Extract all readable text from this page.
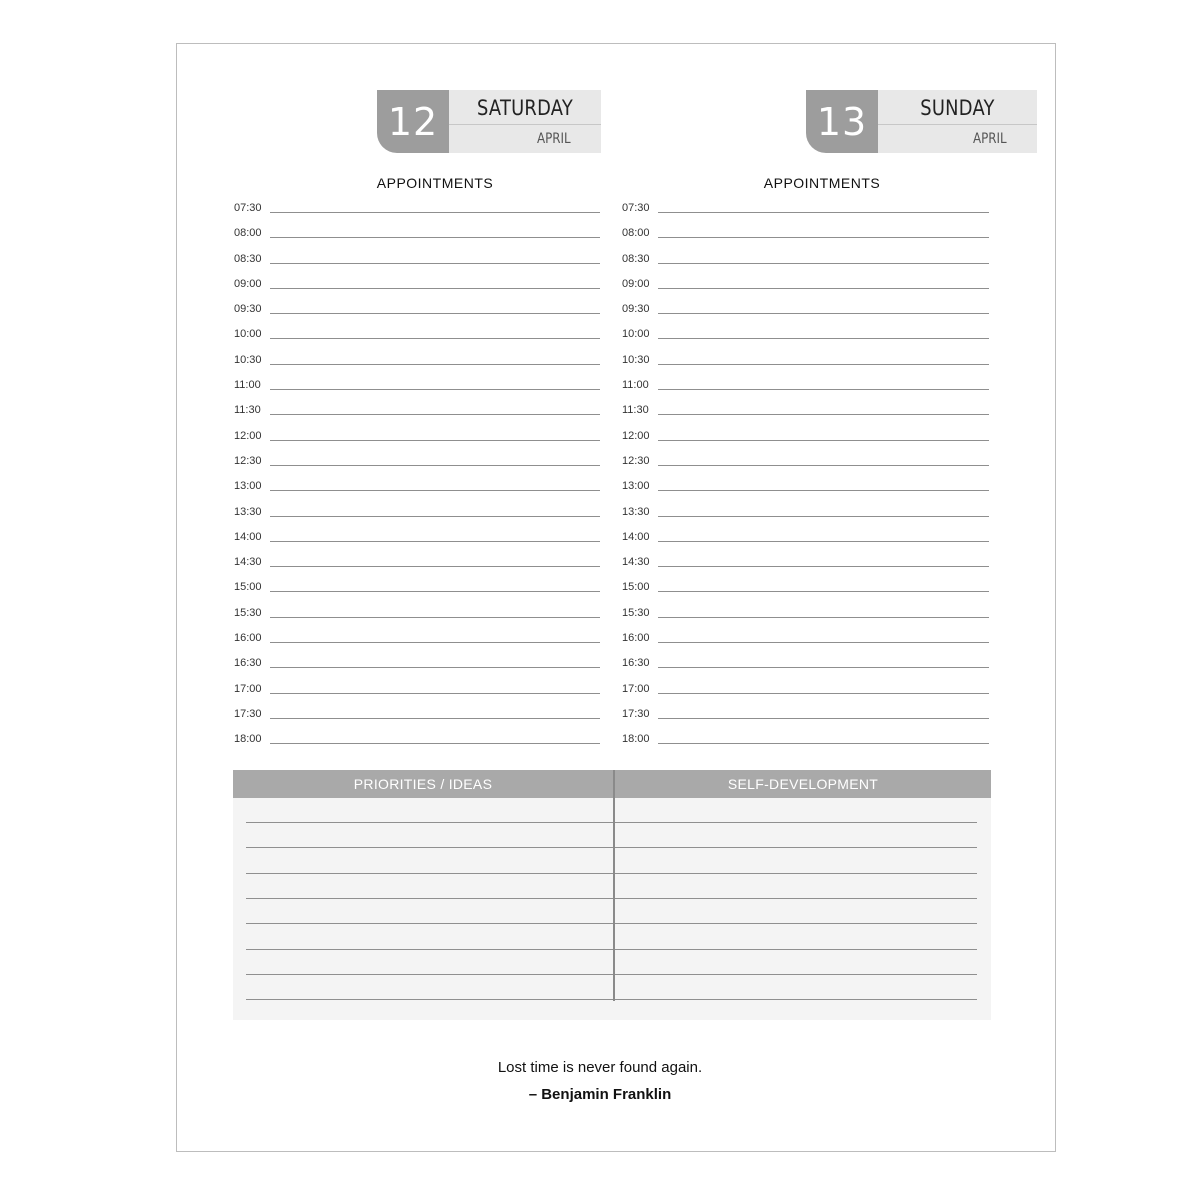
12	SATURDAY
APRIL	13	SUNDAY
APRIL
APPOINTMENTS	APPOINTMENTS
07:30
08:00
08:30
09:00
09:30
10:00
10:30
11:00
11:30
12:00
12:30
13:00
13:30
14:00
14:30
15:00
15:30
16:00
16:30
17:00
17:30
18:00
07:30
08:00
08:30
09:00
09:30
10:00
10:30
11:00
11:30
12:00
12:30
13:00
13:30
14:00
14:30
15:00
15:30
16:00
16:30
17:00
17:30
18:00
PRIORITIES / IDEAS	SELF-DEVELOPMENT
Lost time is never found again.
– Benjamin Franklin
